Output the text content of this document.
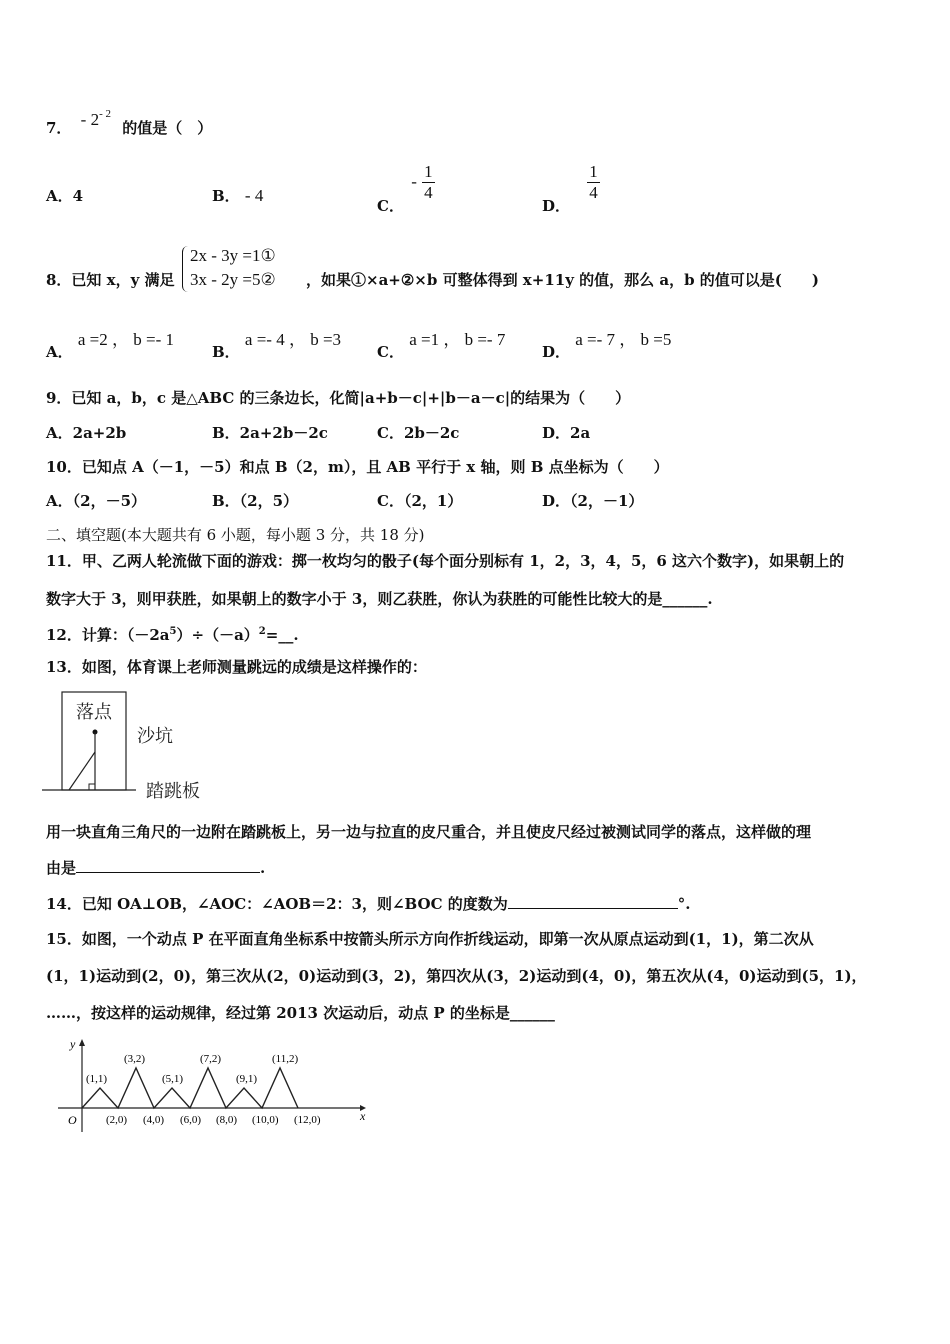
7． - $2^{- 2}$ 的值是（　）
A．4	B． - 4
C． - $\frac{1}{4}$
D．
$\frac{1}{4}$
8．已知 x，y 满足
2x - 3y =1①
3x - 2y =5② ，如果①×a+②×b 可整体得到 x+11y 的值，那么 a，b 的值可以是(　　)
A． a =2 ， b =- 1
B． a =- 4 ， b =3
C． a =1 ， b =- 7
D． a =- 7 ， b =5
9．已知 a，b，c 是△ABC 的三条边长，化简|a+b－c|+|b－a－c|的结果为（　　）
A．2a+2b	B．2a+2b－2c	C．2b－2c	D．2a
10．已知点 A（－1，－5）和点 B（2，m），且 AB 平行于 x 轴，则 B 点坐标为（　　）
A．（2，－5）	B．（2，5）	C．（2，1）	D．（2，－1）
二、填空题(本大题共有 6 小题，每小题 3 分，共 18 分)
11．甲、乙两人轮流做下面的游戏：掷一枚均匀的骰子(每个面分别标有 1，2，3，4，5，6 这六个数字)，如果朝上的
数字大于 3，则甲获胜，如果朝上的数字小于 3，则乙获胜，你认为获胜的可能性比较大的是______.
12．计算：$(-2a^5)\div(-a)^2=\_\_$.
13．如图，体育课上老师测量跳远的成绩是这样操作的：
落点
沙坑
踏跳板
用一块直角三角尺的一边附在踏跳板上，另一边与拉直的皮尺重合，并且使皮尺经过被测试同学的落点，这样做的理
由是	.
14．已知 OA⊥OB，∠AOC：∠AOB＝2：3，则∠BOC 的度数为	°.
15．如图，一个动点 P 在平面直角坐标系中按箭头所示方向作折线运动，即第一次从原点运动到(1，1)，第二次从
(1，1)运动到(2，0)，第三次从(2，0)运动到(3，2)，第四次从(3，2)运动到(4，0)，第五次从(4，0)运动到(5，1)，
……，按这样的运动规律，经过第 2013 次运动后，动点 P 的坐标是______
y
x
O
(1,1)
(3,2)
(5,1)
(7,2)
(9,1)
(11,2)
(2,0) (4,0) (6,0) (8,0) (10,0) (12,0)
